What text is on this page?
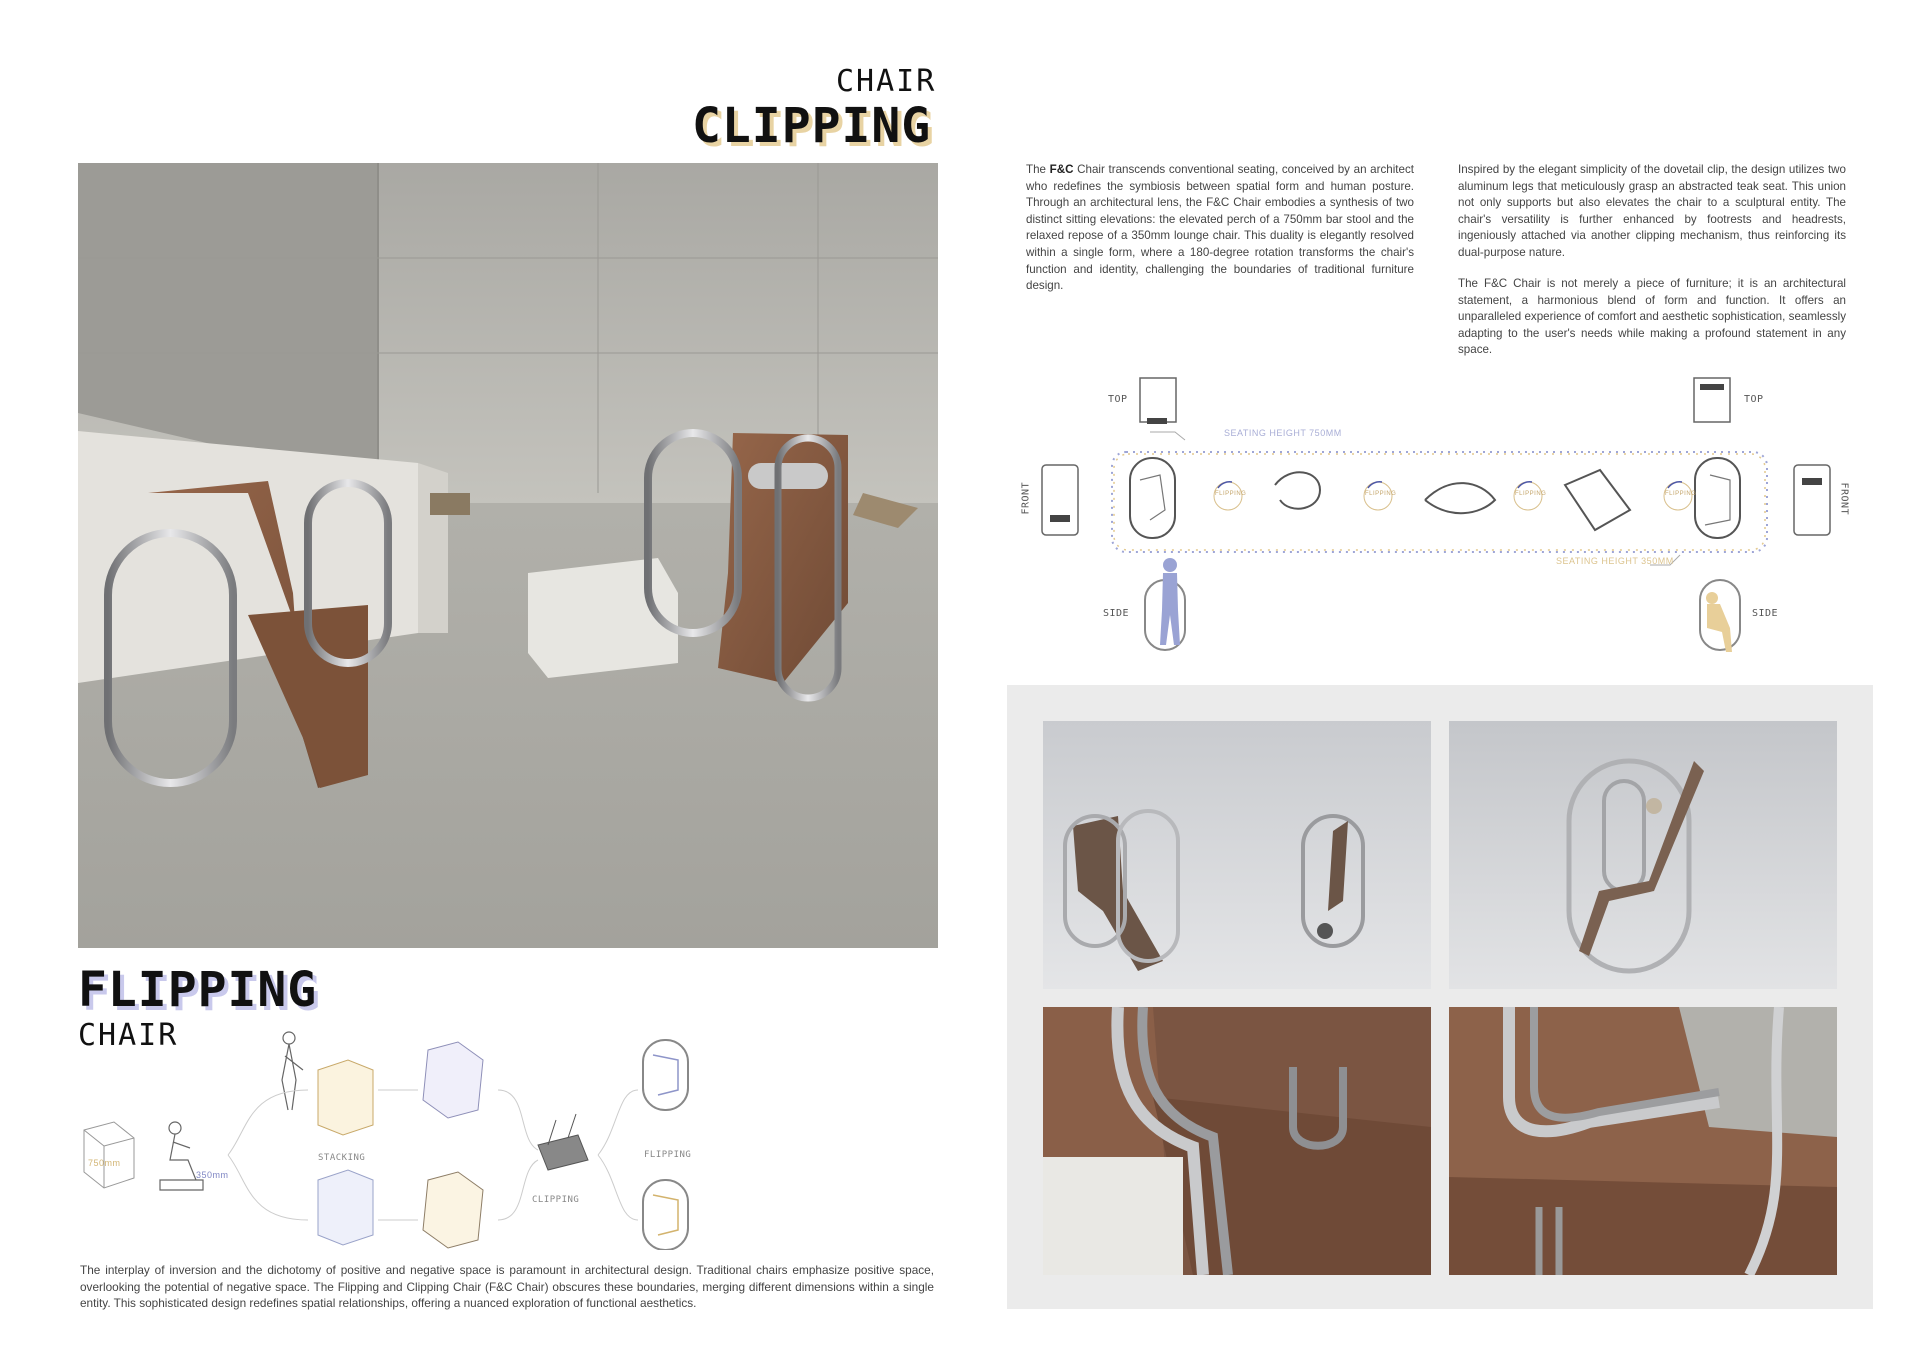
CHAIR
CLIPPING
FLIPPING
CHAIR
750mm
350mm
STACKING
CLIPPING
FLIPPING
The interplay of inversion and the dichotomy of positive and negative space is paramount in architectural design. Traditional chairs emphasize positive space, overlooking the potential of negative space. The Flipping and Clipping Chair (F&C Chair) obscures these boundaries, merging different dimensions within a single entity. This sophisticated design redefines spatial relationships, offering a nuanced exploration of functional aesthetics.
The F&C Chair transcends conventional seating, conceived by an architect who redefines the symbiosis between spatial form and human posture. Through an architectural lens, the F&C Chair embodies a synthesis of two distinct sitting elevations: the elevated perch of a 750mm bar stool and the relaxed repose of a 350mm lounge chair. This duality is elegantly resolved within a single form, where a 180-degree rotation transforms the chair's function and identity, challenging the boundaries of traditional furniture design.
Inspired by the elegant simplicity of the dovetail clip, the design utilizes two aluminum legs that meticulously grasp an abstracted teak seat. This union not only supports but also elevates the chair to a sculptural entity. The chair's versatility is further enhanced by footrests and headrests, ingeniously attached via another clipping mechanism, thus reinforcing its dual-purpose nature.
The F&C Chair is not merely a piece of furniture; it is an architectural statement, a harmonious blend of form and function. It offers an unparalleled experience of comfort and aesthetic sophistication, seamlessly adapting to the user's needs while making a profound statement in any space.
TOP	TOP
SIDE	SIDE
FRONT	FRONT
SEATING HEIGHT 750MM
SEATING HEIGHT 350MM
FLIPPING	FLIPPING	FLIPPING	FLIPPING
